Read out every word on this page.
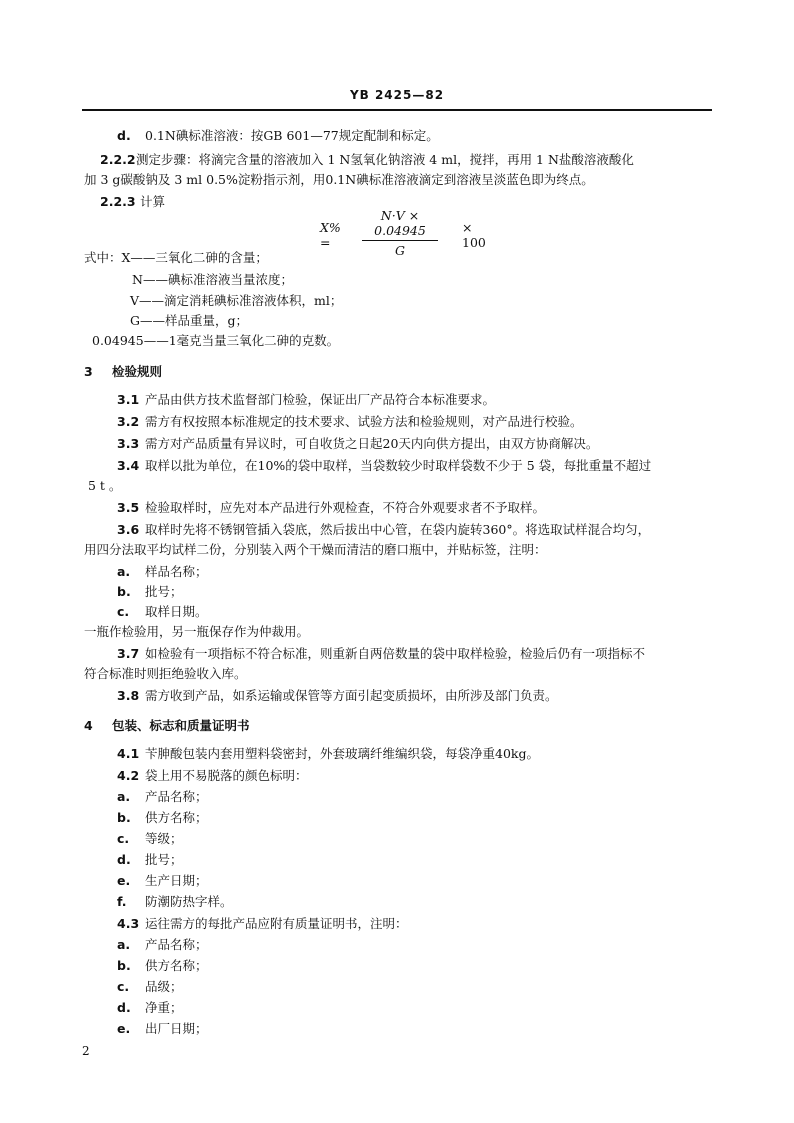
YB 2425—82
d. 0.1N碘标准溶液：按GB 601—77规定配制和标定。
2.2.2测定步骤：将滴完含量的溶液加入 1 N氢氧化钠溶液 4 ml，搅拌，再用 1 N盐酸溶液酸化
加 3 g碳酸钠及 3 ml 0.5%淀粉指示剂，用0.1N碘标准溶液滴定到溶液呈淡蓝色即为终点。
2.2.3 计算
X% =	$\frac{N\cdot V \times 0.04945}{G} \times 100$
式中：X——三氧化二砷的含量；
N——碘标准溶液当量浓度；
V——滴定消耗碘标准溶液体积，ml；
G——样品重量，g；
0.04945——1毫克当量三氧化二砷的克数。
3 检验规则
3.1 产品由供方技术监督部门检验，保证出厂产品符合本标准要求。
3.2 需方有权按照本标准规定的技术要求、试验方法和检验规则，对产品进行校验。
3.3 需方对产品质量有异议时，可自收货之日起20天内向供方提出，由双方协商解决。
3.4 取样以批为单位，在10%的袋中取样，当袋数较少时取样袋数不少于 5 袋，每批重量不超过
5 t 。
3.5 检验取样时，应先对本产品进行外观检查，不符合外观要求者不予取样。
3.6 取样时先将不锈钢管插入袋底，然后拔出中心管，在袋内旋转360°。将选取试样混合均匀，
用四分法取平均试样二份，分别装入两个干燥而清洁的磨口瓶中，并贴标签，注明：
a. 样品名称；
b. 批号；
c. 取样日期。
一瓶作检验用，另一瓶保存作为仲裁用。
3.7 如检验有一项指标不符合标准，则重新自两倍数量的袋中取样检验，检验后仍有一项指标不
符合标准时则拒绝验收入库。
3.8 需方收到产品，如系运输或保管等方面引起变质损坏，由所涉及部门负责。
4 包装、标志和质量证明书
4.1 苄胂酸包装内套用塑料袋密封，外套玻璃纤维编织袋，每袋净重40kg。
4.2 袋上用不易脱落的颜色标明：
a. 产品名称；
b. 供方名称；
c. 等级；
d. 批号；
e. 生产日期；
f. 防潮防热字样。
4.3 运往需方的每批产品应附有质量证明书，注明：
a. 产品名称；
b. 供方名称；
c. 品级；
d. 净重；
e. 出厂日期；
2
